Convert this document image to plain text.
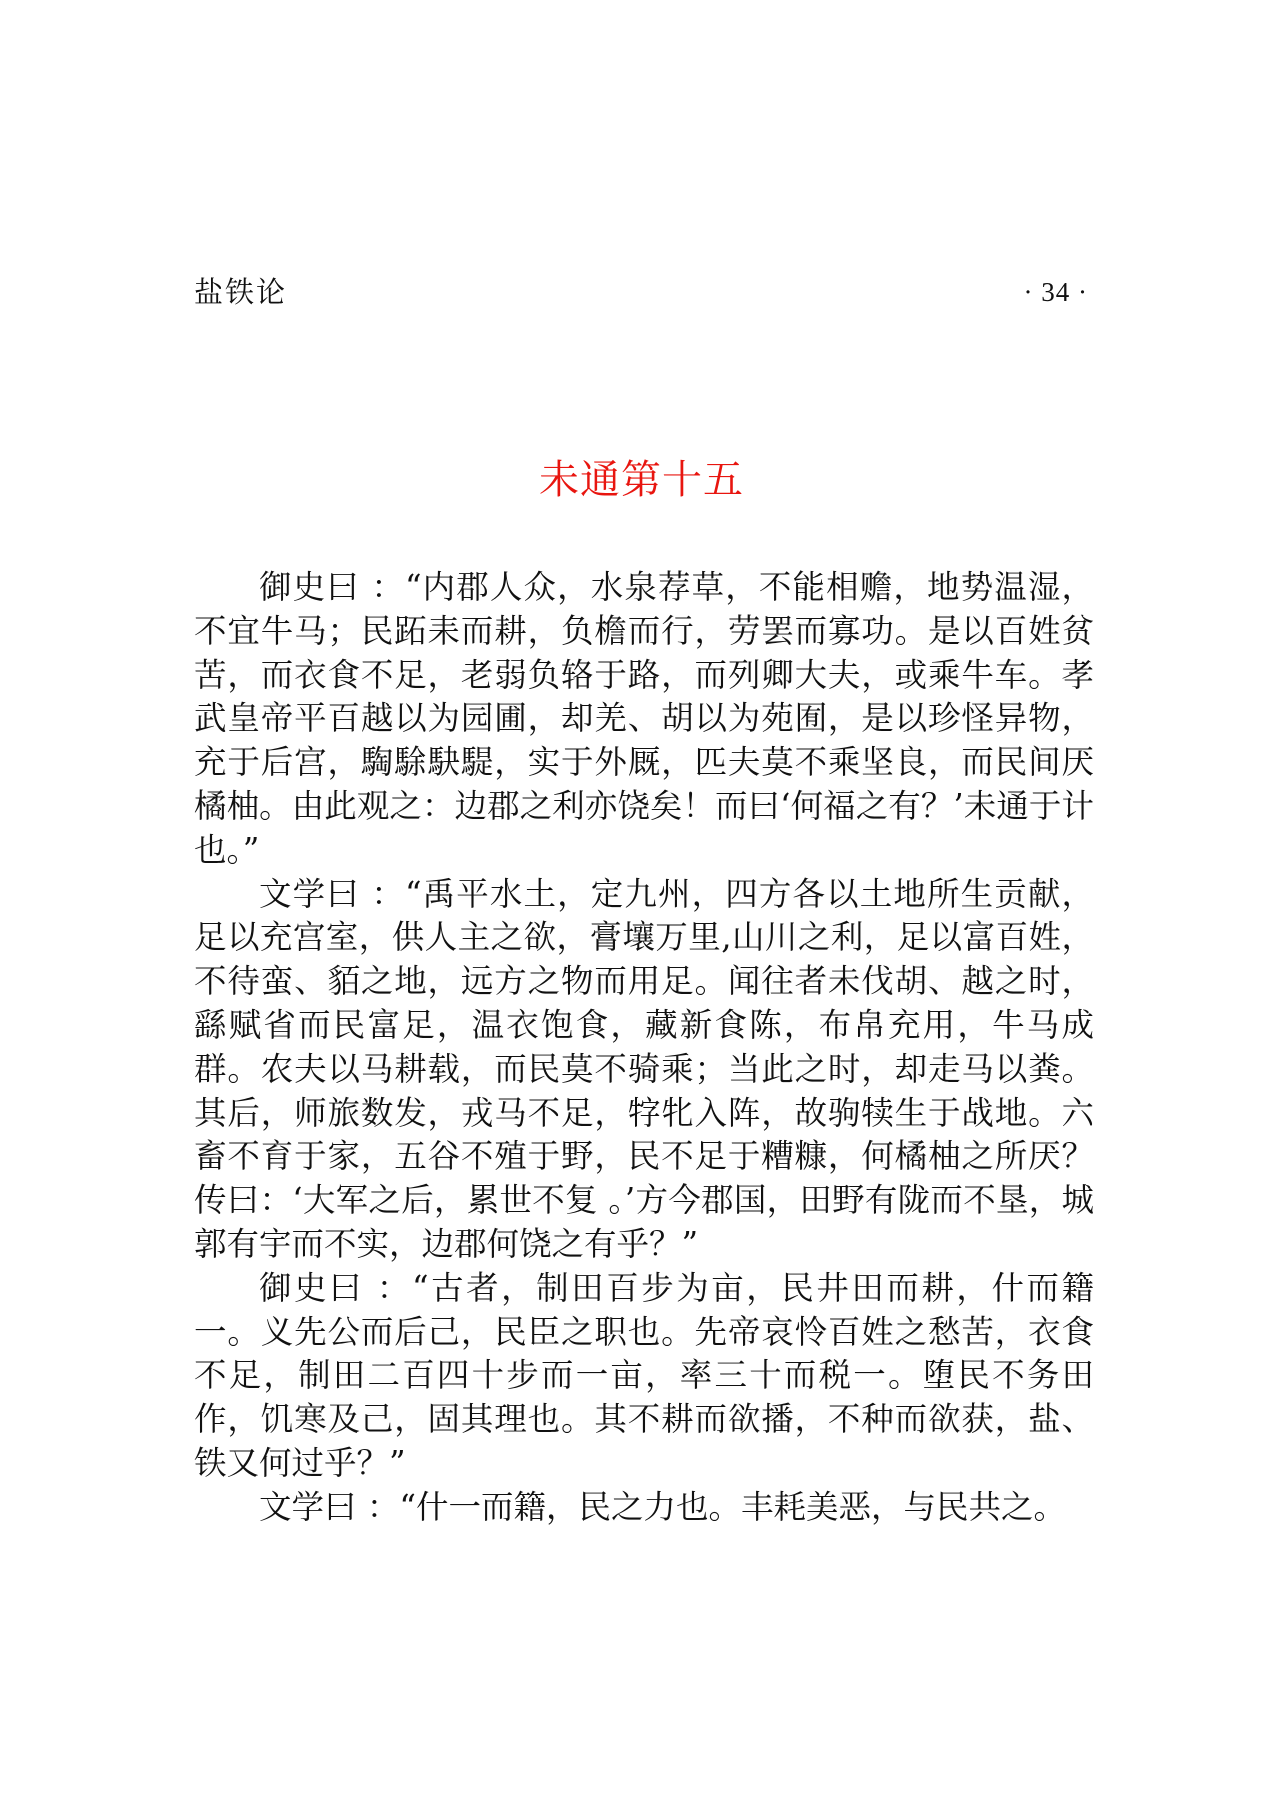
盐铁论	· 34 ·
未通第十五

御史曰 ：“内郡人众，水泉荐草，不能相赡，地势温湿，不宜牛马；民跖耒而耕，负檐而行，劳罢而寡功。是以百姓贫苦，而衣食不足，老弱负辂于路，而列卿大夫，或乘牛车。孝武皇帝平百越以为园圃，却羌、胡以为苑囿，是以珍怪异物，充于后宫，騊駼駃騠，实于外厩，匹夫莫不乘坚良，而民间厌橘柚。由此观之：边郡之利亦饶矣！而曰‘何福之有？’未通于计也。”

文学曰 ：“禹平水土，定九州，四方各以土地所生贡献，足以充宫室，供人主之欲，膏壤万里,山川之利，足以富百姓，不待蛮、貊之地，远方之物而用足。闻往者未伐胡、越之时，繇赋省而民富足，温衣饱食，藏新食陈，布帛充用，牛马成群。农夫以马耕载，而民莫不骑乘；当此之时，却走马以粪。其后，师旅数发，戎马不足，牸牝入阵，故驹犊生于战地。六畜不育于家，五谷不殖于野，民不足于糟糠，何橘柚之所厌？传曰：‘大军之后，累世不复 。’方今郡国，田野有陇而不垦，城郭有宇而不实，边郡何饶之有乎？”

御史曰 ：“古者，制田百步为亩，民井田而耕，什而籍一。义先公而后己，民臣之职也。先帝哀怜百姓之愁苦，衣食不足，制田二百四十步而一亩，率三十而税一。堕民不务田作，饥寒及己，固其理也。其不耕而欲播，不种而欲获，盐、铁又何过乎？”

文学曰 ：“什一而籍，民之力也。丰耗美恶，与民共之。
